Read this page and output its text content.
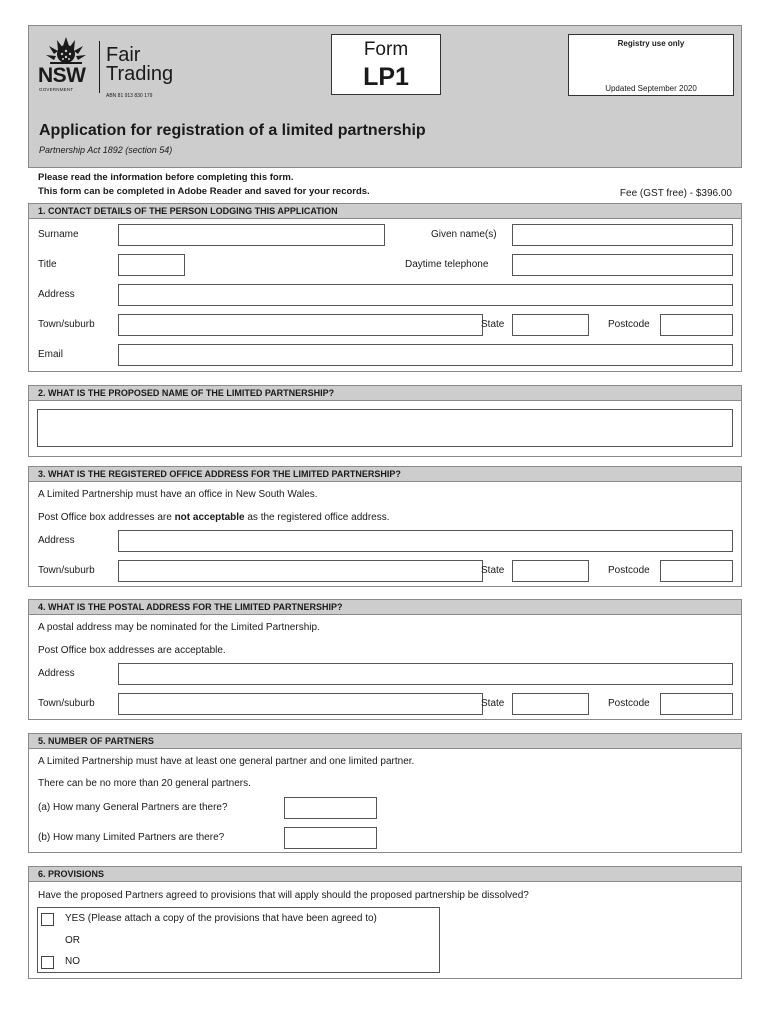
NSW
GOVERNMENT
Fair
Trading
ABN 81 913 830 179
Form
LP1
Registry use only
Updated September 2020
Application for registration of a limited partnership
Partnership Act 1892 (section 54)
Please read the information before completing this form.
This form can be completed in Adobe Reader and saved for your records.	Fee (GST free) - $396.00
1. CONTACT DETAILS OF THE PERSON LODGING THIS APPLICATION
Surname	Given name(s)
Title	Daytime telephone
Address
Town/suburb	State	Postcode
Email
2. WHAT IS THE PROPOSED NAME OF THE LIMITED PARTNERSHIP?
3. WHAT IS THE REGISTERED OFFICE ADDRESS FOR THE LIMITED PARTNERSHIP?
A Limited Partnership must have an office in New South Wales.
Post Office box addresses are not acceptable as the registered office address.
Address
Town/suburb	State	Postcode
4. WHAT IS THE POSTAL ADDRESS FOR THE LIMITED PARTNERSHIP?
A postal address may be nominated for the Limited Partnership.
Post Office box addresses are acceptable.
Address
Town/suburb	State	Postcode
5. NUMBER OF PARTNERS
A Limited Partnership must have at least one general partner and one limited partner.
There can be no more than 20 general partners.
(a) How many General Partners are there?
(b) How many Limited Partners are there?
6. PROVISIONS
Have the proposed Partners agreed to provisions that will apply should the proposed partnership be dissolved?
YES (Please attach a copy of the provisions that have been agreed to)
OR
NO
